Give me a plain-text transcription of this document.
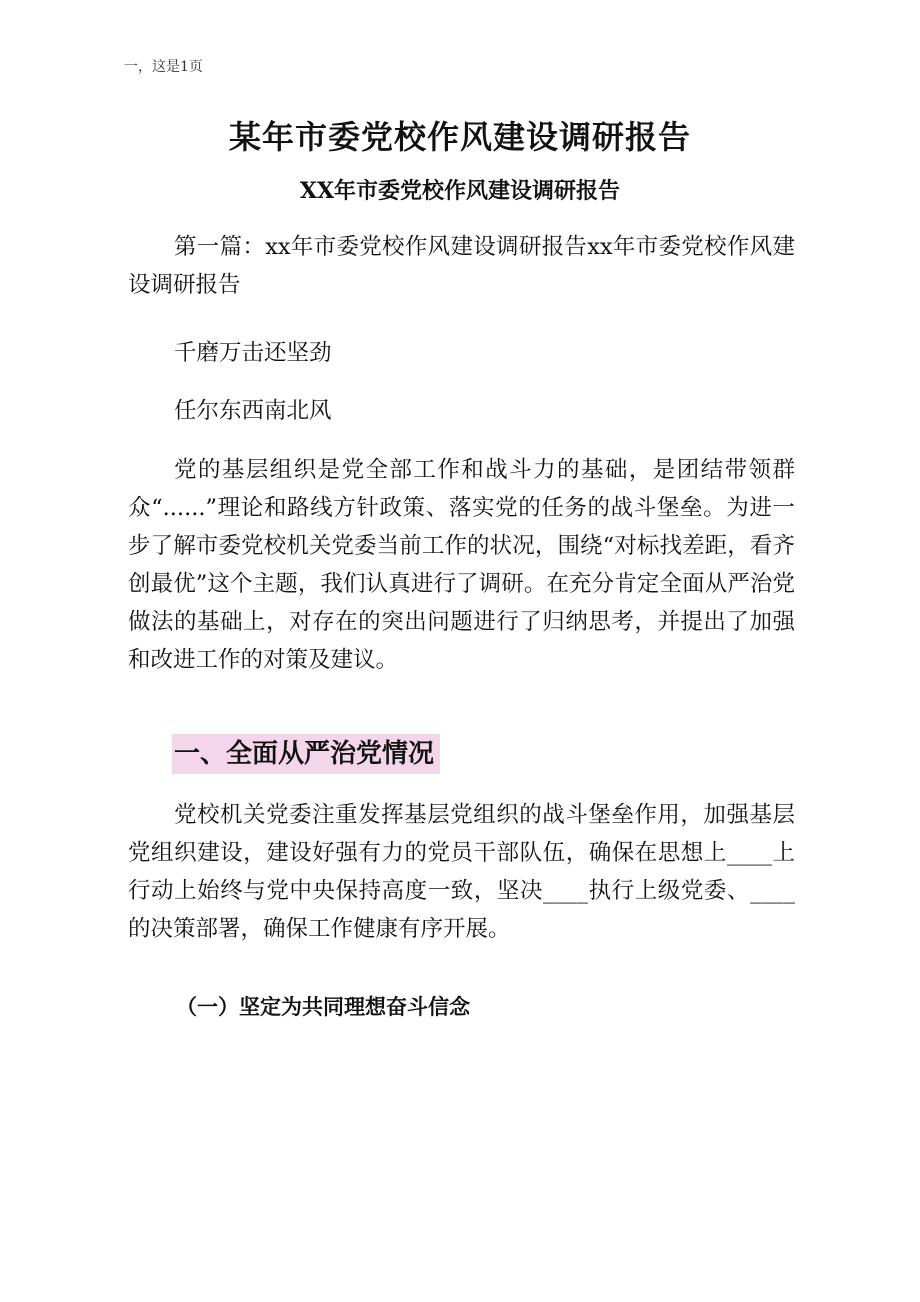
一，这是1页
某年市委党校作风建设调研报告
XX年市委党校作风建设调研报告

第一篇：xx年市委党校作风建设调研报告xx年市委党校作风建设调研报告

千磨万击还坚劲

任尔东西南北风

党的基层组织是党全部工作和战斗力的基础，是团结带领群众“......”理论和路线方针政策、落实党的任务的战斗堡垒。为进一步了解市委党校机关党委当前工作的状况，围绕“对标找差距，看齐创最优”这个主题，我们认真进行了调研。在充分肯定全面从严治党做法的基础上，对存在的突出问题进行了归纳思考，并提出了加强和改进工作的对策及建议。

一、全面从严治党情况

党校机关党委注重发挥基层党组织的战斗堡垒作用，加强基层党组织建设，建设好强有力的党员干部队伍，确保在思想上____上行动上始终与党中央保持高度一致，坚决____执行上级党委、____的决策部署，确保工作健康有序开展。

（一）坚定为共同理想奋斗信念
